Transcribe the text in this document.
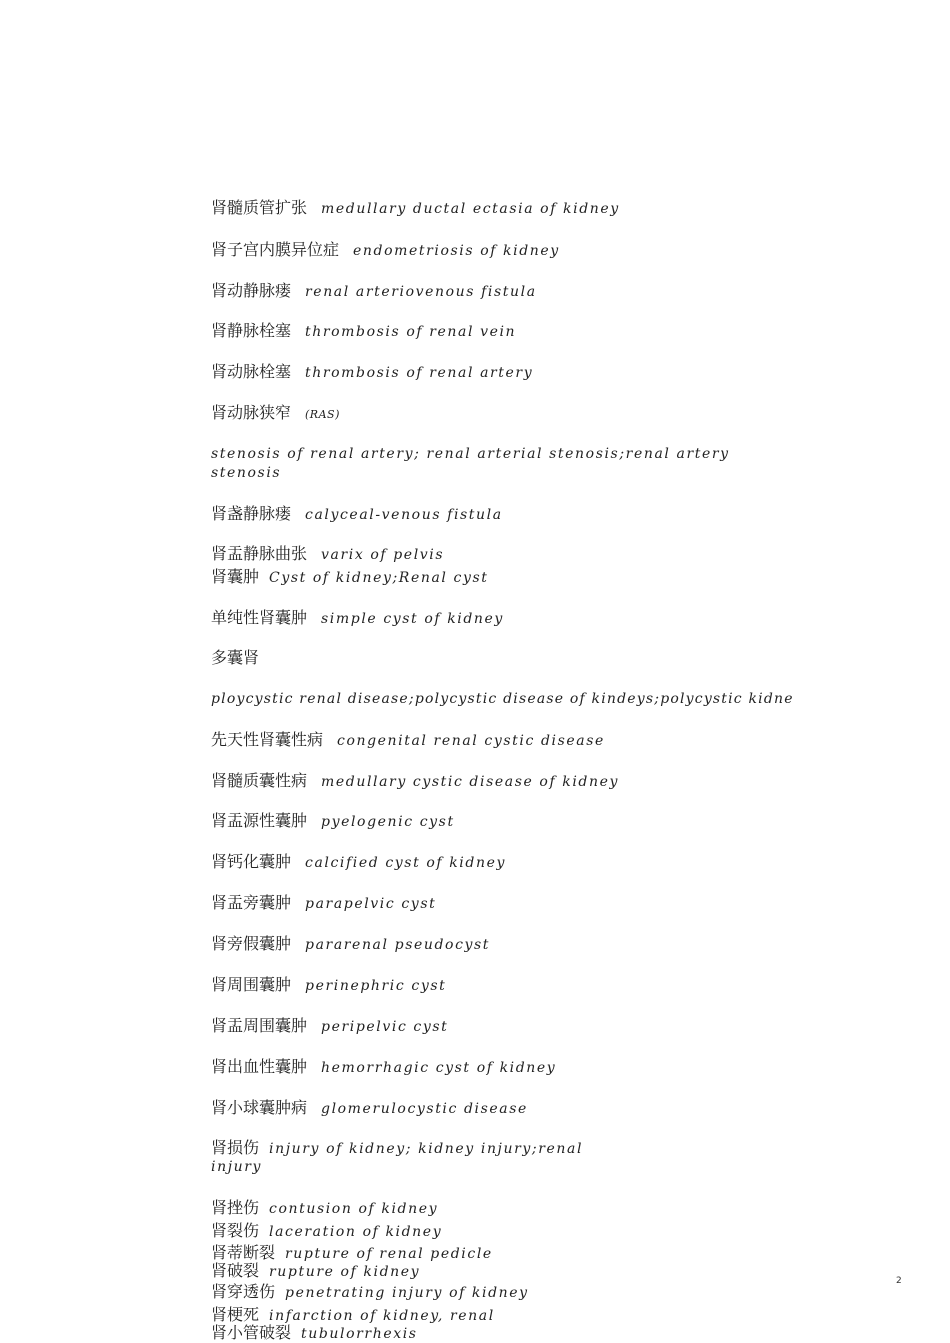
肾髓质管扩张 medullary ductal ectasia of kidney
肾子宫内膜异位症 endometriosis of kidney
肾动静脉瘘 renal arteriovenous fistula
肾静脉栓塞 thrombosis of renal vein
肾动脉栓塞 thrombosis of renal artery
肾动脉狭窄 (RAS)
stenosis of renal artery; renal arterial stenosis;renal artery
stenosis
肾盏静脉瘘 calyceal-venous fistula
肾盂静脉曲张 varix of pelvis
肾囊肿 Cyst of kidney;Renal cyst
单纯性肾囊肿 simple cyst of kidney
多囊肾
ploycystic renal disease;polycystic disease of kindeys;polycystic kidne
先天性肾囊性病 congenital renal cystic disease
肾髓质囊性病 medullary cystic disease of kidney
肾盂源性囊肿 pyelogenic cyst
肾钙化囊肿 calcified cyst of kidney
肾盂旁囊肿 parapelvic cyst
肾旁假囊肿 pararenal pseudocyst
肾周围囊肿 perinephric cyst
肾盂周围囊肿 peripelvic cyst
肾出血性囊肿 hemorrhagic cyst of kidney
肾小球囊肿病 glomerulocystic disease
肾损伤 injury of kidney; kidney injury;renal
injury
肾挫伤 contusion of kidney
肾裂伤 laceration of kidney
肾蒂断裂 rupture of renal pedicle
肾破裂 rupture of kidney
肾穿透伤 penetrating injury of kidney
肾梗死 infarction of kidney, renal
肾小管破裂 tubulorrhexis
2
